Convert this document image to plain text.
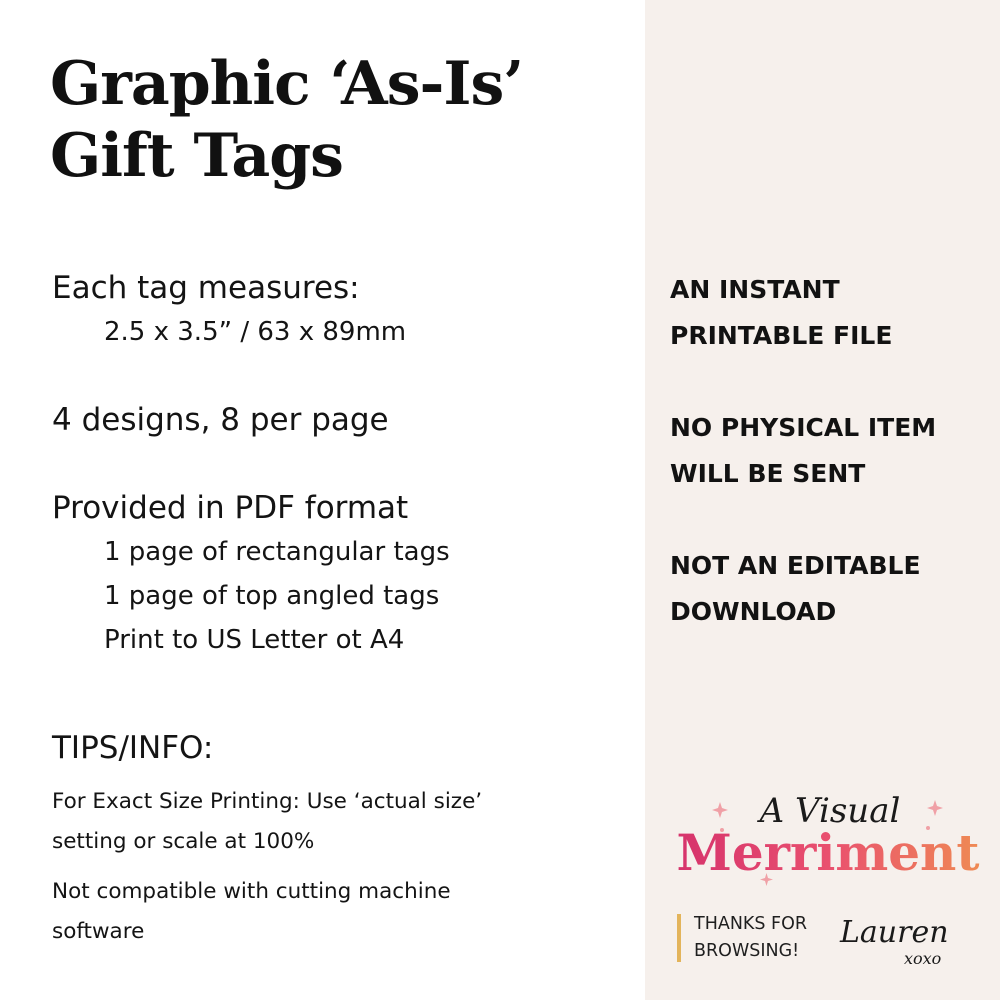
Graphic ‘As-Is’
Gift Tags
Each tag measures:
2.5 x 3.5” / 63 x 89mm
4 designs, 8 per page
Provided in PDF format
1 page of rectangular tags
1 page of top angled tags
Print to US Letter ot A4
TIPS/INFO:
For Exact Size Printing: Use ‘actual size’
setting or scale at 100%
Not compatible with cutting machine
software
AN INSTANT
PRINTABLE FILE
NO PHYSICAL ITEM
WILL BE SENT
NOT AN EDITABLE
DOWNLOAD
A Visual
Merriment
THANKS FOR
BROWSING!
Lauren
xoxo
